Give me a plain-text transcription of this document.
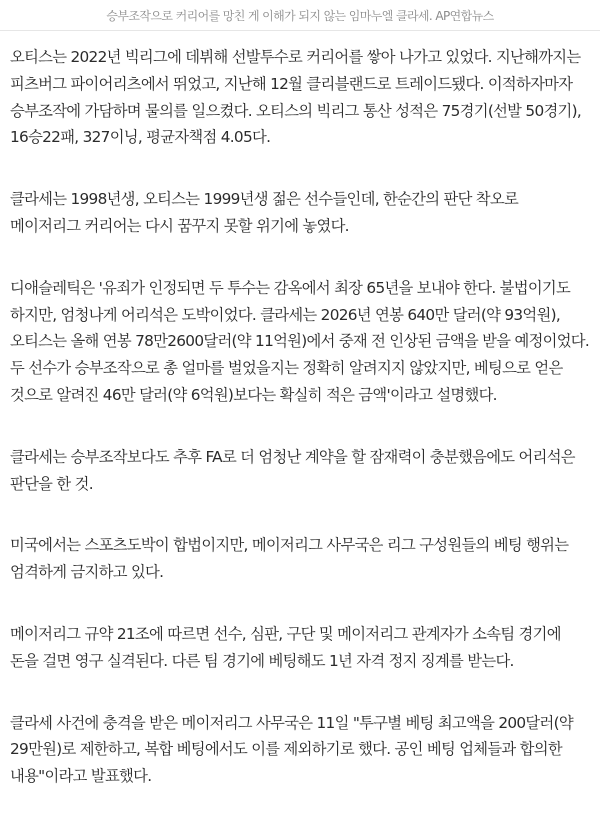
승부조작으로 커리어를 망친 게 이해가 되지 않는 임마누엘 클라세. AP연합뉴스

오티스는 2022년 빅리그에 데뷔해 선발투수로 커리어를 쌓아 나가고 있었다. 지난해까지는 피츠버그 파이어리츠에서 뛰었고, 지난해 12월 클리블랜드로 트레이드됐다. 이적하자마자 승부조작에 가담하며 물의를 일으켰다. 오티스의 빅리그 통산 성적은 75경기(선발 50경기), 16승22패, 327이닝, 평균자책점 4.05다.

클라세는 1998년생, 오티스는 1999년생 젊은 선수들인데, 한순간의 판단 착오로 메이저리그 커리어는 다시 꿈꾸지 못할 위기에 놓였다.

디애슬레틱은 '유죄가 인정되면 두 투수는 감옥에서 최장 65년을 보내야 한다. 불법이기도 하지만, 엄청나게 어리석은 도박이었다. 클라세는 2026년 연봉 640만 달러(약 93억원), 오티스는 올해 연봉 78만2600달러(약 11억원)에서 중재 전 인상된 금액을 받을 예정이었다. 두 선수가 승부조작으로 총 얼마를 벌었을지는 정확히 알려지지 않았지만, 베팅으로 얻은 것으로 알려진 46만 달러(약 6억원)보다는 확실히 적은 금액'이라고 설명했다.

클라세는 승부조작보다도 추후 FA로 더 엄청난 계약을 할 잠재력이 충분했음에도 어리석은 판단을 한 것.

미국에서는 스포츠도박이 합법이지만, 메이저리그 사무국은 리그 구성원들의 베팅 행위는 엄격하게 금지하고 있다.

메이저리그 규약 21조에 따르면 선수, 심판, 구단 및 메이저리그 관계자가 소속팀 경기에 돈을 걸면 영구 실격된다. 다른 팀 경기에 베팅해도 1년 자격 정지 징계를 받는다.

클라세 사건에 충격을 받은 메이저리그 사무국은 11일 "투구별 베팅 최고액을 200달러(약 29만원)로 제한하고, 복합 베팅에서도 이를 제외하기로 했다. 공인 베팅 업체들과 합의한 내용"이라고 발표했다.
